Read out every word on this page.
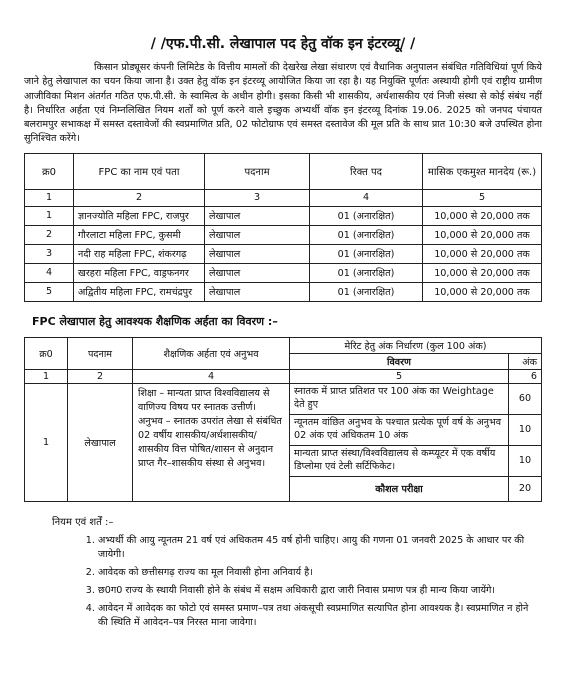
/ /एफ.पी.सी. लेखापाल पद हेतु वॉक इन इंटरव्यू/ /

किसान प्रोड्यूसर कंपनी लिमिटेड के वित्तीय मामलों की देखरेख लेखा संधारण एवं वैधानिक अनुपालन संबंधित गतिविधियां पूर्ण किये जाने हेतु लेखापाल का चयन किया जाना है। उक्त हेतु वॉक इन इंटरव्यू आयोजित किया जा रहा है। यह नियुक्ति पूर्णतः अस्थायी होगी एवं राष्ट्रीय ग्रामीण आजीविका मिशन अंतर्गत गठित एफ.पी.सी. के स्वामित्व के अधीन होगी। इसका किसी भी शासकीय, अर्धशासकीय एवं निजी संस्था से कोई संबंध नहीं है। निर्धारित अर्हता एवं निम्नलिखित नियम शर्तों को पूर्ण करने वाले इच्छुक अभ्यर्थी वॉक इन इंटरव्यू दिनांक 19.06. 2025 को जनपद पंचायत बलरामपुर सभाकक्ष में समस्त दस्तावेजों की स्वप्रमाणित प्रति, 02 फोटोग्राफ एवं समस्त दस्तावेज की मूल प्रति के साथ प्रात 10:30 बजे उपस्थित होना सुनिश्चित करेंगे।

क्र0	FPC का नाम एवं पता	पदनाम	रिक्त पद	मासिक एकमुश्त मानदेय (रू.)
1	2	3	4	5
1	ज्ञानज्योति महिला FPC, राजपुर	लेखापाल	01 (अनारक्षित)	10,000 से 20,000 तक
2	गौरलाटा महिला FPC, कुसमी	लेखापाल	01 (अनारक्षित)	10,000 से 20,000 तक
3	नदी राह महिला FPC, शंकरगढ़	लेखापाल	01 (अनारक्षित)	10,000 से 20,000 तक
4	खरहरा महिला FPC, वाड्रफनगर	लेखापाल	01 (अनारक्षित)	10,000 से 20,000 तक
5	अद्वितीय महिला FPC, रामचंद्रपुर	लेखापाल	01 (अनारक्षित)	10,000 से 20,000 तक
FPC लेखापाल हेतु आवश्यक शैक्षणिक अर्हता का विवरण :–
क्र0	पदनाम	शैक्षणिक अर्हता एवं अनुभव	मेरिट हेतु अंक निर्धारण (कुल 100 अंक)	
			विवरण	अंक
1	2	4	5	6
1	लेखापाल	शिक्षा – मान्यता प्राप्त विश्वविद्यालय से वाणिज्य विषय पर स्नातक उत्तीर्ण।
अनुभव – स्नातक उपरांत लेखा से संबंधित 02 वर्षीय शासकीय/अर्धशासकीय/शासकीय वित्त पोषित/शासन से अनुदान प्राप्त गैर–शासकीय संस्था से अनुभव।	स्नातक में प्राप्त प्रतिशत पर 100 अंक का Weightage देते हुए	60
			न्यूनतम वांछित अनुभव के पश्चात प्रत्येक पूर्ण वर्ष के अनुभव 02 अंक एवं अधिकतम 10 अंक	10
			मान्यता प्राप्त संस्था/विश्वविद्यालय से कम्प्यूटर में एक वर्षीय डिप्लोमा एवं टेली सर्टिफिकेट।	10
			कौशल परीक्षा	20
नियम एवं शर्तें :–
1. अभ्यर्थी की आयु न्यूनतम 21 वर्ष एवं अधिकतम 45 वर्ष होनी चाहिए। आयु की गणना 01 जनवरी 2025 के आधार पर की जायेगी।
2. आवेदक को छत्तीसगढ़ राज्य का मूल निवासी होना अनिवार्य है।
3. छ0ग0 राज्य के स्थायी निवासी होने के संबंध में सक्षम अधिकारी द्वारा जारी निवास प्रमाण पत्र ही मान्य किया जायेंगे।
4. आवेदन में आवेदक का फोटो एवं समस्त प्रमाण–पत्र तथा अंकसूची स्वप्रमाणित सत्यापित होना आवश्यक है। स्वप्रमाणित न होने की स्थिति में आवेदन–पत्र निरस्त माना जावेगा।
